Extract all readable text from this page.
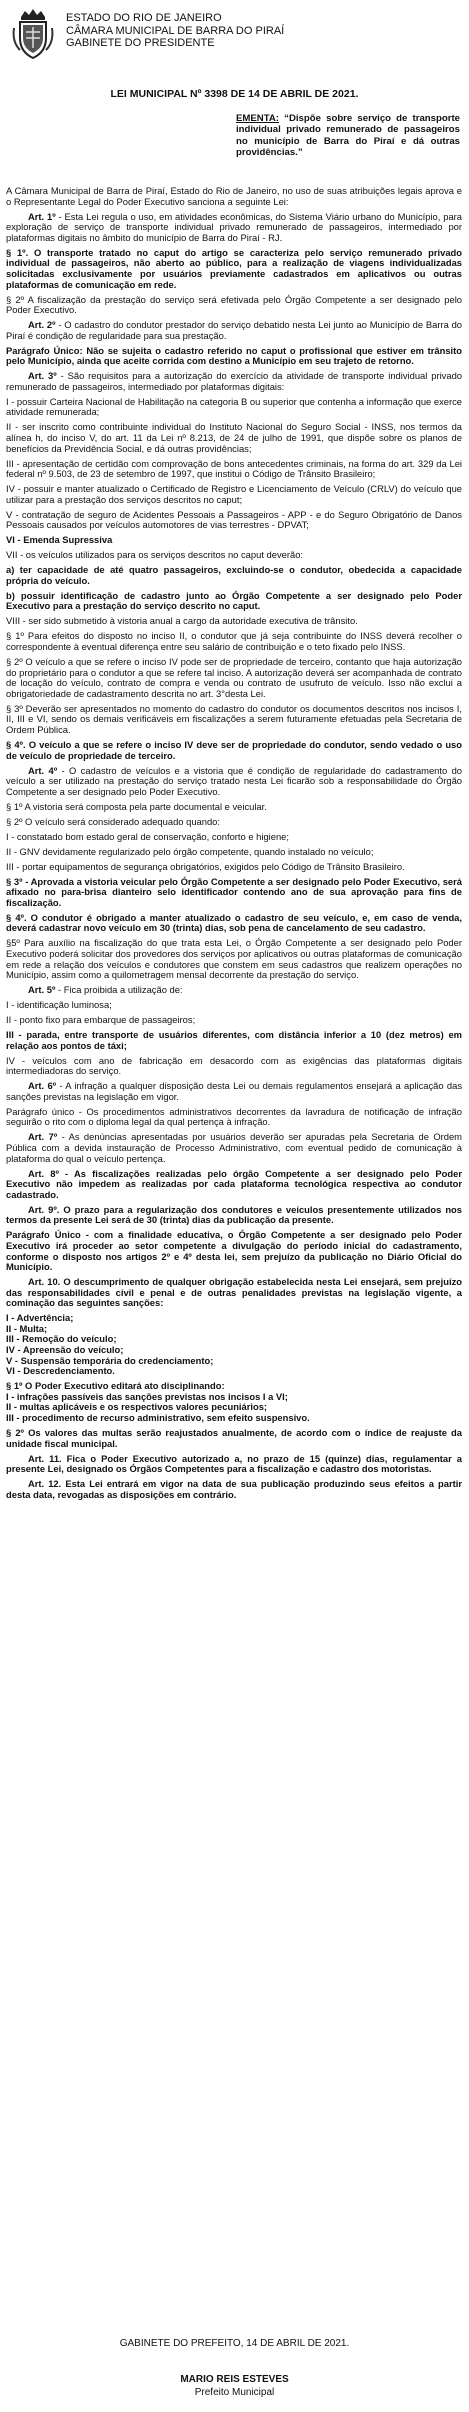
ESTADO DO RIO DE JANEIRO
CÂMARA MUNICIPAL DE BARRA DO PIRAÍ
GABINETE DO PRESIDENTE
LEI MUNICIPAL Nº 3398 DE 14 DE ABRIL DE 2021.
EMENTA: “Dispõe sobre serviço de transporte individual privado remunerado de passageiros no município de Barra do Piraí e dá outras providências.”

A Câmara Municipal de Barra de Piraí, Estado do Rio de Janeiro, no uso de suas atribuições legais aprova e o Representante Legal do Poder Executivo sanciona a seguinte Lei:

Art. 1º - Esta Lei regula o uso, em atividades econômicas, do Sistema Viário urbano do Município, para exploração de serviço de transporte individual privado remunerado de passageiros, intermediado por plataformas digitais no âmbito do município de Barra do Piraí - RJ.

§ 1º. O transporte tratado no caput do artigo se caracteriza pelo serviço remunerado privado individual de passageiros, não aberto ao público, para a realização de viagens individualizadas solicitadas exclusivamente por usuários previamente cadastrados em aplicativos ou outras plataformas de comunicação em rede.

§ 2º A fiscalização da prestação do serviço será efetivada pelo Órgão Competente a ser designado pelo Poder Executivo.

Art. 2º - O cadastro do condutor prestador do serviço debatido nesta Lei junto ao Município de Barra do Piraí é condição de regularidade para sua prestação.

Parágrafo Único: Não se sujeita o cadastro referido no caput o profissional que estiver em trânsito pelo Município, ainda que aceite corrida com destino a Município em seu trajeto de retorno.

Art. 3º - São requisitos para a autorização do exercício da atividade de transporte individual privado remunerado de passageiros, intermediado por plataformas digitais:

I - possuir Carteira Nacional de Habilitação na categoria B ou superior que contenha a informação que exerce atividade remunerada;

II - ser inscrito como contribuinte individual do Instituto Nacional do Seguro Social - INSS, nos termos da alínea h, do inciso V, do art. 11 da Lei nº 8.213, de 24 de julho de 1991, que dispõe sobre os planos de benefícios da Previdência Social, e dá outras providências;

III - apresentação de certidão com comprovação de bons antecedentes criminais, na forma do art. 329 da Lei federal nº 9.503, de 23 de setembro de 1997, que institui o Código de Trânsito Brasileiro;

IV - possuir e manter atualizado o Certificado de Registro e Licenciamento de Veículo (CRLV) do veículo que utilizar para a prestação dos serviços descritos no caput;

V - contratação de seguro de Acidentes Pessoais a Passageiros - APP - e do Seguro Obrigatório de Danos Pessoais causados por veículos automotores de vias terrestres - DPVAT;

VI - Emenda Supressiva

VII - os veículos utilizados para os serviços descritos no caput deverão:

a) ter capacidade de até quatro passageiros, excluindo-se o condutor, obedecida a capacidade própria do veículo.

b) possuir identificação de cadastro junto ao Órgão Competente a ser designado pelo Poder Executivo para a prestação do serviço descrito no caput.

VIII - ser sido submetido à vistoria anual a cargo da autoridade executiva de trânsito.

§ 1º Para efeitos do disposto no inciso II, o condutor que já seja contribuinte do INSS deverá recolher o correspondente à eventual diferença entre seu salário de contribuição e o teto fixado pelo INSS.

§ 2º O veículo a que se refere o inciso IV pode ser de propriedade de terceiro, contanto que haja autorização do proprietário para o condutor a que se refere tal inciso. A autorização deverá ser acompanhada de contrato de locação do veículo, contrato de compra e venda ou contrato de usufruto de veículo. Isso não exclui a obrigatoriedade de cadastramento descrita no art. 3°desta Lei.

§ 3º Deverão ser apresentados no momento do cadastro do condutor os documentos descritos nos incisos I, II, III e VI, sendo os demais verificáveis em fiscalizações a serem futuramente efetuadas pela Secretaria de Ordem Pública.

§ 4º. O veículo a que se refere o inciso IV deve ser de propriedade do condutor, sendo vedado o uso de veículo de propriedade de terceiro.

Art. 4º - O cadastro de veículos e a vistoria que é condição de regularidade do cadastramento do veículo a ser utilizado na prestação do serviço tratado nesta Lei ficarão sob a responsabilidade do Órgão Competente a ser designado pelo Poder Executivo.

§ 1º A vistoria será composta pela parte documental e veicular.

§ 2º O veículo será considerado adequado quando:

I - constatado bom estado geral de conservação, conforto e higiene;

II - GNV devidamente regularizado pelo órgão competente, quando instalado no veículo;

III - portar equipamentos de segurança obrigatórios, exigidos pelo Código de Trânsito Brasileiro.

§ 3º - Aprovada a vistoria veicular pelo Órgão Competente a ser designado pelo Poder Executivo, será afixado no para-brisa dianteiro selo identificador contendo ano de sua aprovação para fins de fiscalização.

§ 4º. O condutor é obrigado a manter atualizado o cadastro de seu veículo, e, em caso de venda, deverá cadastrar novo veículo em 30 (trinta) dias, sob pena de cancelamento de seu cadastro.

§5º Para auxílio na fiscalização do que trata esta Lei, o Órgão Competente a ser designado pelo Poder Executivo poderá solicitar dos provedores dos serviços por aplicativos ou outras plataformas de comunicação em rede a relação dos veículos e condutores que constem em seus cadastros que realizem operações no Município, assim como a quilometragem mensal decorrente da prestação do serviço.

Art. 5º - Fica proibida a utilização de:

I - identificação luminosa;

II - ponto fixo para embarque de passageiros;

III - parada, entre transporte de usuários diferentes, com distância inferior a 10 (dez metros) em relação aos pontos de táxi;

IV - veículos com ano de fabricação em desacordo com as exigências das plataformas digitais intermediadoras do serviço.

Art. 6º - A infração a qualquer disposição desta Lei ou demais regulamentos ensejará a aplicação das sanções previstas na legislação em vigor.

Parágrafo único - Os procedimentos administrativos decorrentes da lavradura de notificação de infração seguirão o rito com o diploma legal da qual pertença à infração.

Art. 7º - As denúncias apresentadas por usuários deverão ser apuradas pela Secretaria de Ordem Pública com a devida instauração de Processo Administrativo, com eventual pedido de comunicação à plataforma do qual o veículo pertença.

Art. 8º - As fiscalizações realizadas pelo órgão Competente a ser designado pelo Poder Executivo não impedem as realizadas por cada plataforma tecnológica respectiva ao condutor cadastrado.

Art. 9º. O prazo para a regularização dos condutores e veículos presentemente utilizados nos termos da presente Lei será de 30 (trinta) dias da publicação da presente.

Parágrafo Único - com a finalidade educativa, o Órgão Competente a ser designado pelo Poder Executivo irá proceder ao setor competente a divulgação do período inicial do cadastramento, conforme o disposto nos artigos 2º e 4º desta lei, sem prejuízo da publicação no Diário Oficial do Município.

Art. 10. O descumprimento de qualquer obrigação estabelecida nesta Lei ensejará, sem prejuízo das responsabilidades civil e penal e de outras penalidades previstas na legislação vigente, a cominação das seguintes sanções:

I - Advertência;

II - Multa;

III - Remoção do veículo;

IV - Apreensão do veículo;

V - Suspensão temporária do credenciamento;

VI - Descredenciamento.

§ 1º O Poder Executivo editará ato disciplinando:

I - infrações passíveis das sanções previstas nos incisos I a VI;

II - multas aplicáveis e os respectivos valores pecuniários;

III - procedimento de recurso administrativo, sem efeito suspensivo.

§ 2º Os valores das multas serão reajustados anualmente, de acordo com o índice de reajuste da unidade fiscal municipal.

Art. 11. Fica o Poder Executivo autorizado a, no prazo de 15 (quinze) dias, regulamentar a presente Lei, designado os Órgãos Competentes para a fiscalização e cadastro dos motoristas.

Art. 12. Esta Lei entrará em vigor na data de sua publicação produzindo seus efeitos a partir desta data, revogadas as disposições em contrário.

GABINETE DO PREFEITO, 14 DE ABRIL DE 2021.
MARIO REIS ESTEVES
Prefeito Municipal
